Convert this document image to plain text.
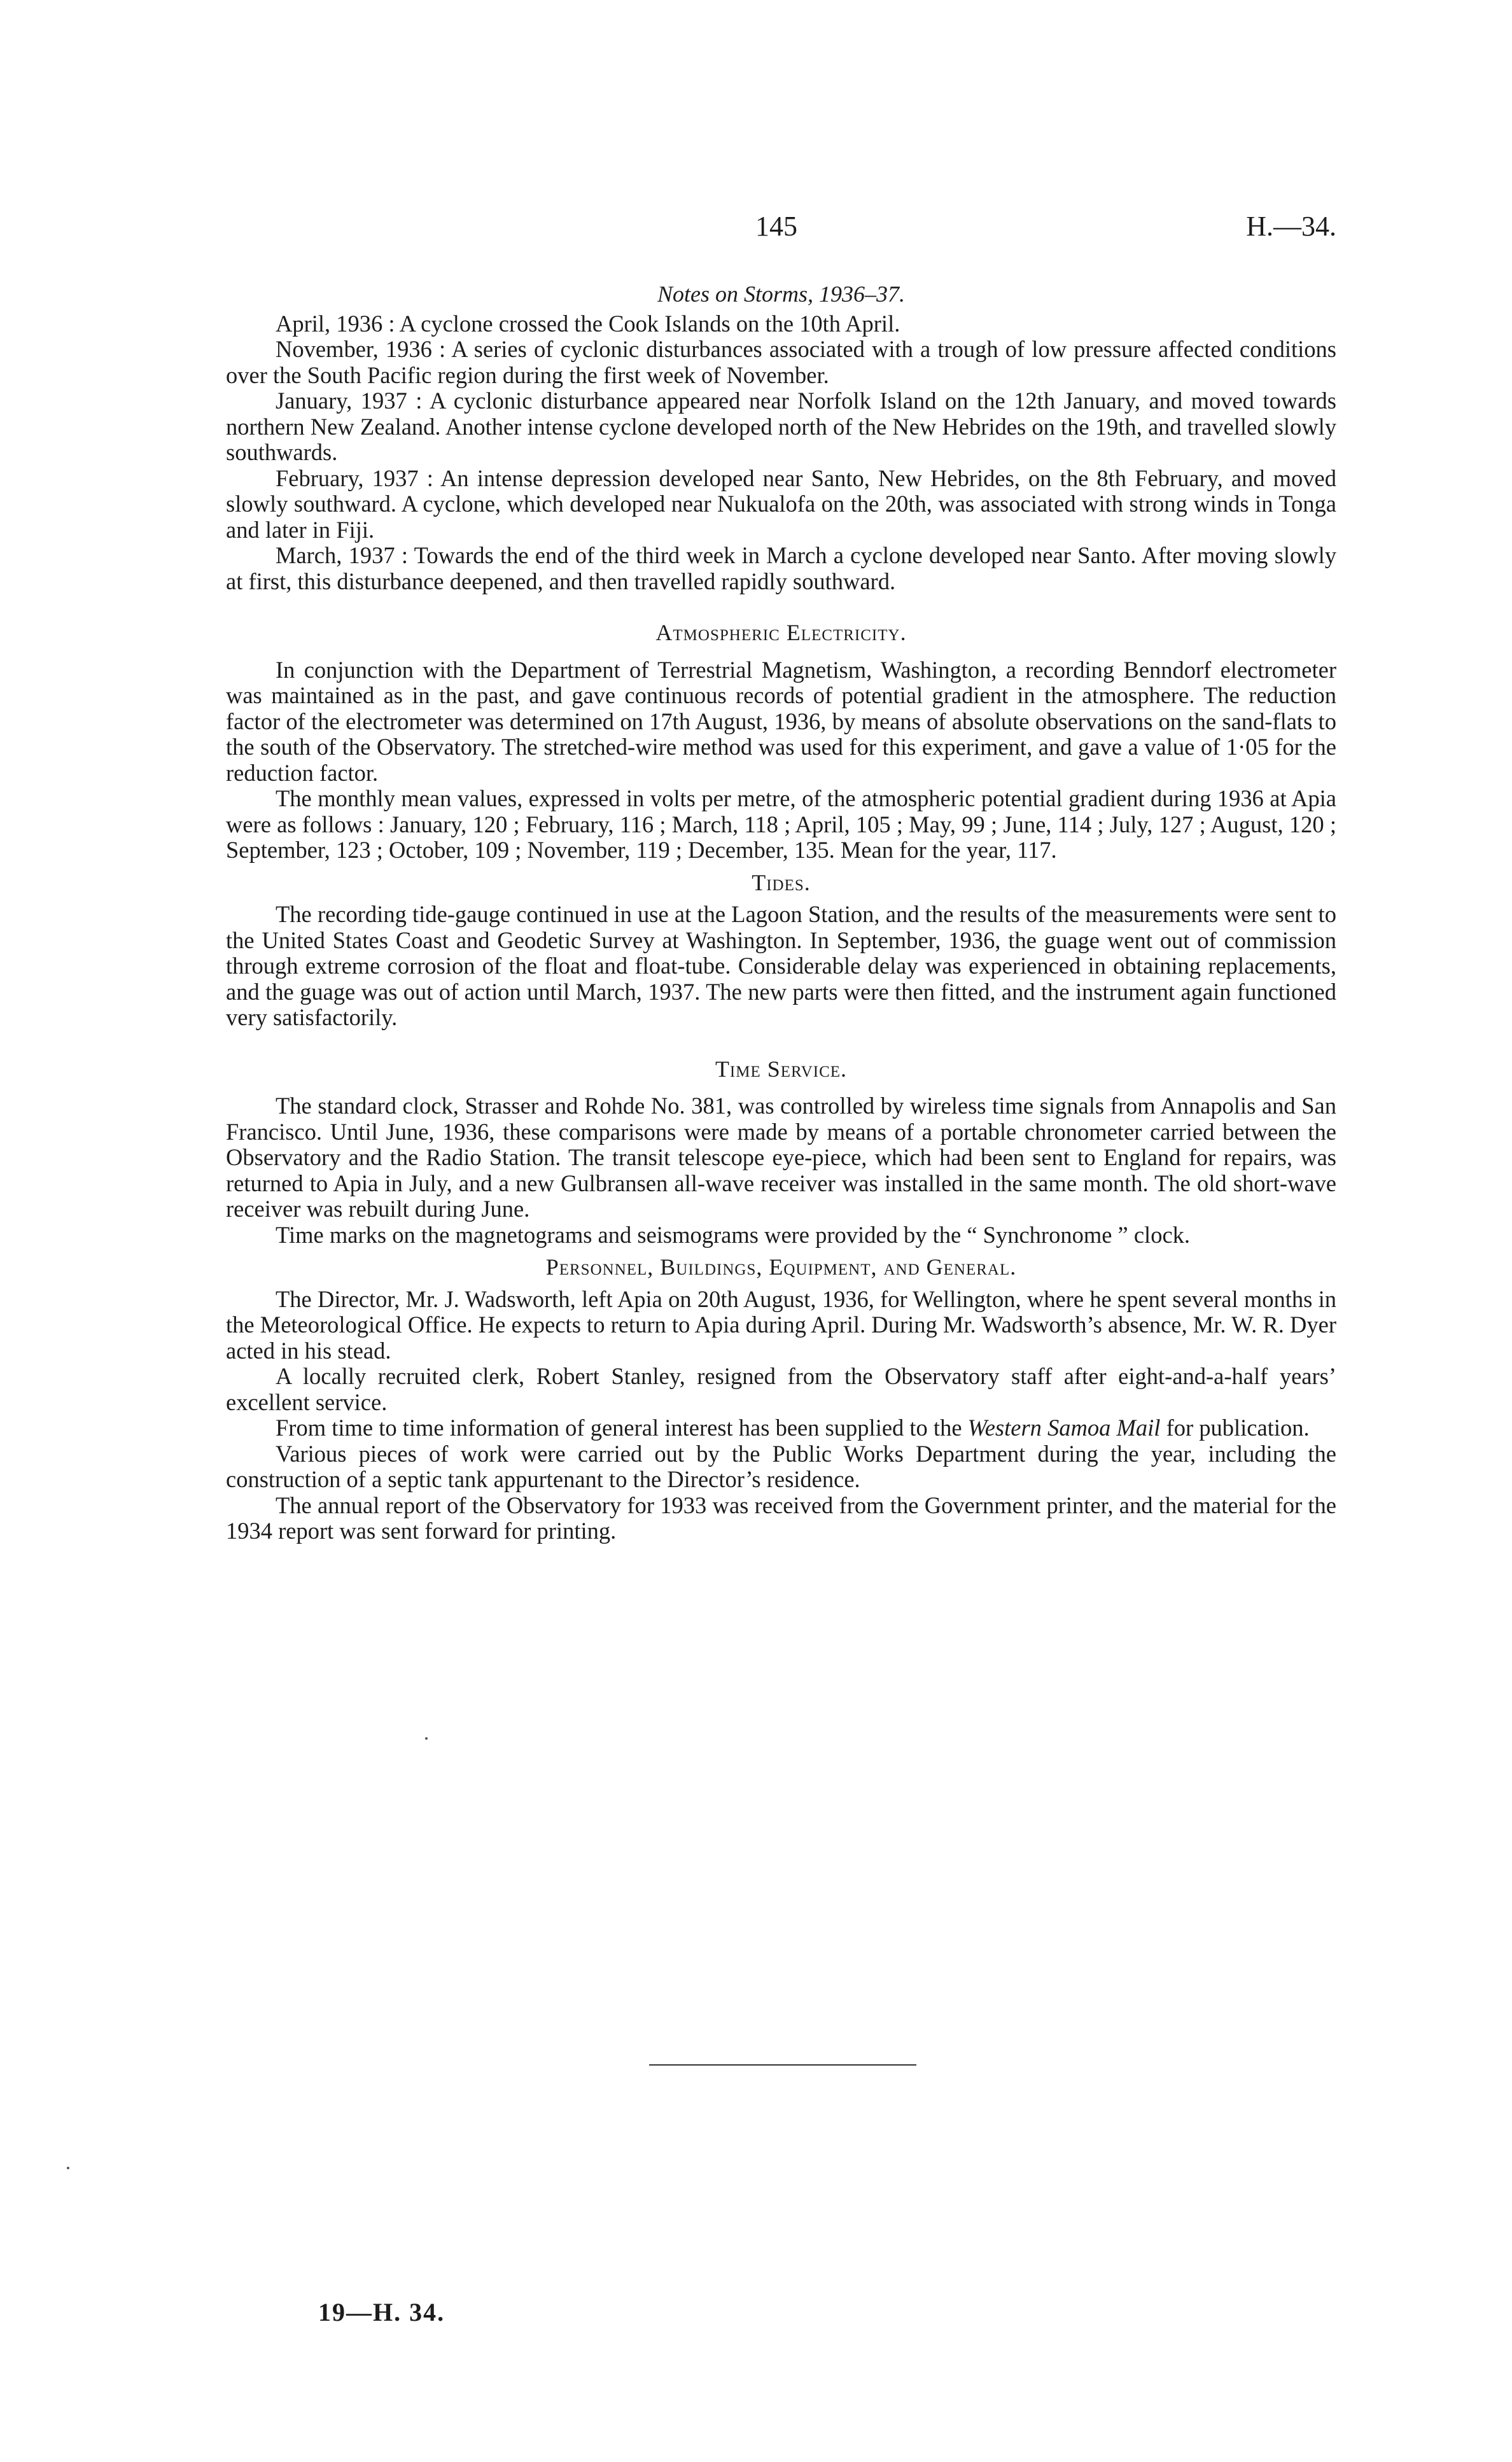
145	H.—34.
Notes on Storms, 1936–37.

April, 1936 : A cyclone crossed the Cook Islands on the 10th April.

November, 1936 : A series of cyclonic disturbances associated with a trough of low pressure affected conditions over the South Pacific region during the first week of November.

January, 1937 : A cyclonic disturbance appeared near Norfolk Island on the 12th January, and moved towards northern New Zealand. Another intense cyclone developed north of the New Hebrides on the 19th, and travelled slowly southwards.

February, 1937 : An intense depression developed near Santo, New Hebrides, on the 8th February, and moved slowly southward. A cyclone, which developed near Nukualofa on the 20th, was associated with strong winds in Tonga and later in Fiji.

March, 1937 : Towards the end of the third week in March a cyclone developed near Santo. After moving slowly at first, this disturbance deepened, and then travelled rapidly southward.

Atmospheric Electricity.

In conjunction with the Department of Terrestrial Magnetism, Washington, a recording Benndorf electrometer was maintained as in the past, and gave continuous records of potential gradient in the atmosphere. The reduction factor of the electrometer was determined on 17th August, 1936, by means of absolute observations on the sand-flats to the south of the Observatory. The stretched-wire method was used for this experiment, and gave a value of 1·05 for the reduction factor.

The monthly mean values, expressed in volts per metre, of the atmospheric potential gradient during 1936 at Apia were as follows : January, 120 ; February, 116 ; March, 118 ; April, 105 ; May, 99 ; June, 114 ; July, 127 ; August, 120 ; September, 123 ; October, 109 ; November, 119 ; December, 135. Mean for the year, 117.

Tides.

The recording tide-gauge continued in use at the Lagoon Station, and the results of the measurements were sent to the United States Coast and Geodetic Survey at Washington. In September, 1936, the guage went out of commission through extreme corrosion of the float and float-tube. Considerable delay was experienced in obtaining replacements, and the guage was out of action until March, 1937. The new parts were then fitted, and the instrument again functioned very satisfactorily.

Time Service.

The standard clock, Strasser and Rohde No. 381, was controlled by wireless time signals from Annapolis and San Francisco. Until June, 1936, these comparisons were made by means of a portable chronometer carried between the Observatory and the Radio Station. The transit telescope eye-piece, which had been sent to England for repairs, was returned to Apia in July, and a new Gulbransen all-wave receiver was installed in the same month. The old short-wave receiver was rebuilt during June.

Time marks on the magnetograms and seismograms were provided by the “ Synchronome ” clock.

Personnel, Buildings, Equipment, and General.

The Director, Mr. J. Wadsworth, left Apia on 20th August, 1936, for Wellington, where he spent several months in the Meteorological Office. He expects to return to Apia during April. During Mr. Wadsworth’s absence, Mr. W. R. Dyer acted in his stead.

A locally recruited clerk, Robert Stanley, resigned from the Observatory staff after eight-and-a-half years’ excellent service.

From time to time information of general interest has been supplied to the Western Samoa Mail for publication.

Various pieces of work were carried out by the Public Works Department during the year, including the construction of a septic tank appurtenant to the Director’s residence.

The annual report of the Observatory for 1933 was received from the Government printer, and the material for the 1934 report was sent forward for printing.

19—H. 34.
